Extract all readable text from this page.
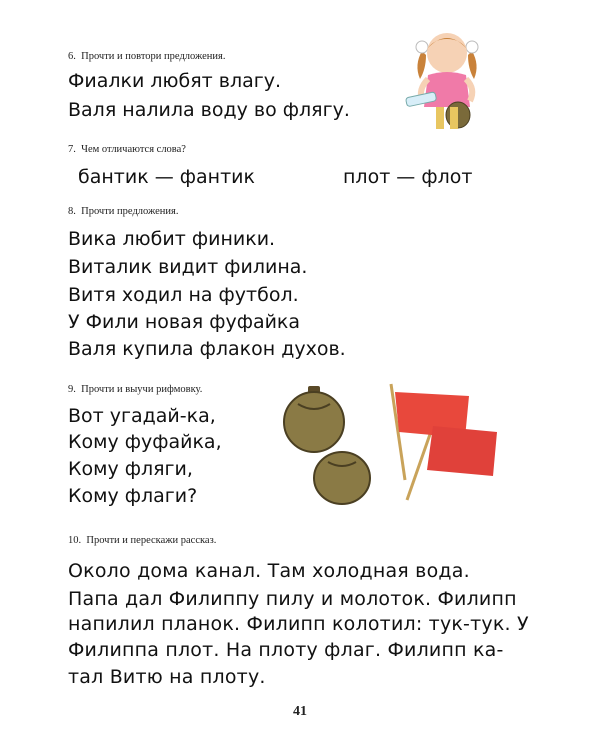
6.  Прочти и повтори предложения.
Фиалки любят влагу.
Валя налила воду во флягу.
7.  Чем отличаются слова?
бантик — фантик	плот — флот
8.  Прочти предложения.
Вика любит финики.
Виталик видит филина.
Витя ходил на футбол.
У Фили новая фуфайка
Валя купила флакон духов.
9.  Прочти и выучи рифмовку.
Вот угадай-ка,
Кому фуфайка,
Кому фляги,
Кому флаги?
10.  Прочти и перескажи рассказ.
Около дома канал. Там холодная вода.
Папа дал Филиппу пилу и молоток. Филипп
напилил планок. Филипп колотил: тук-тук. У
Филиппа плот. На плоту флаг. Филипп ка-
тал Витю на плоту.
41
